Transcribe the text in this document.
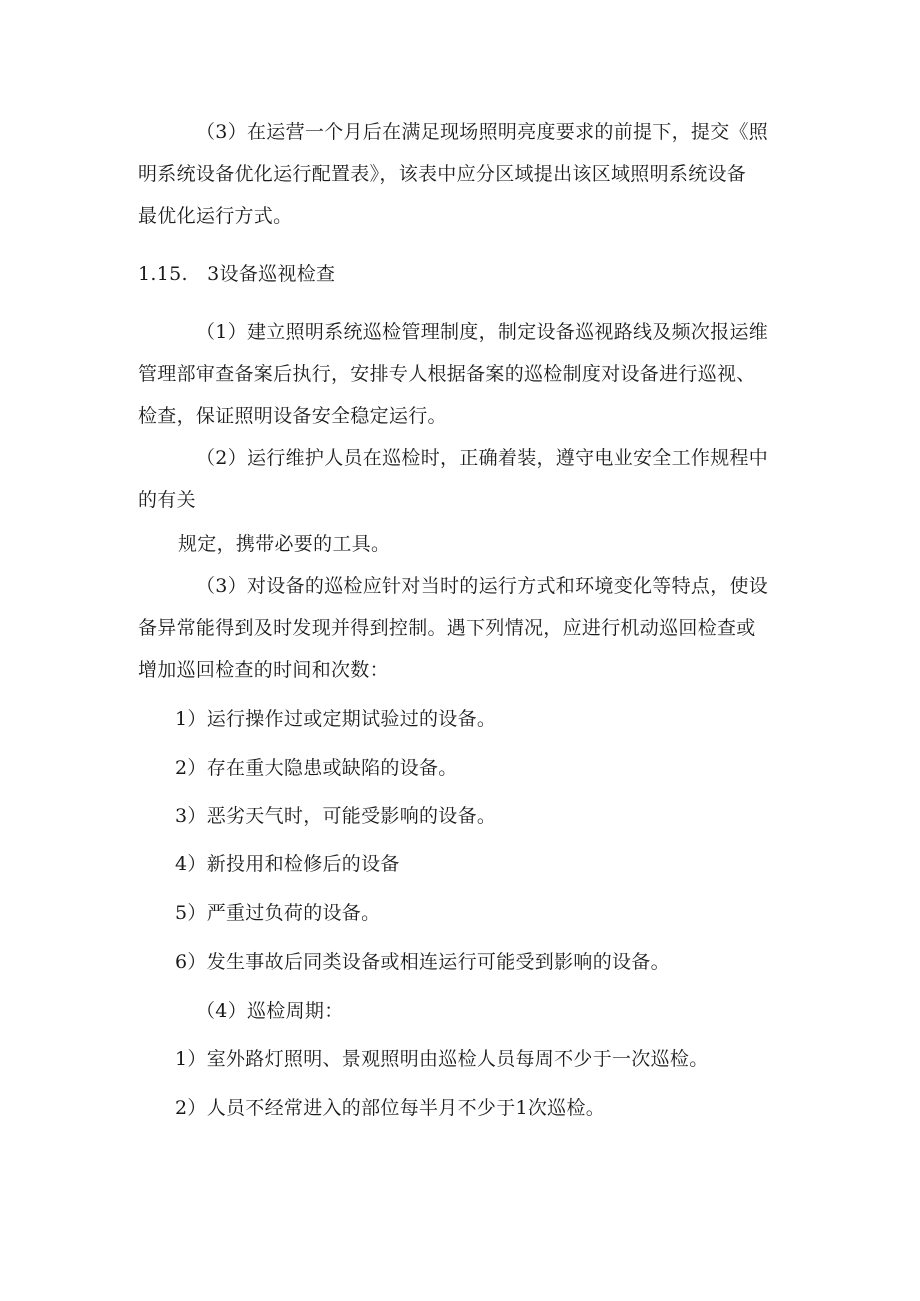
（3）在运营一个月后在满足现场照明亮度要求的前提下，提交《照
明系统设备优化运行配置表》，该表中应分区域提出该区域照明系统设备
最优化运行方式。
1.15.　3设备巡视检查
（1）建立照明系统巡检管理制度，制定设备巡视路线及频次报运维
管理部审查备案后执行，安排专人根据备案的巡检制度对设备进行巡视、
检查，保证照明设备安全稳定运行。
（2）运行维护人员在巡检时，正确着装，遵守电业安全工作规程中
的有关
规定，携带必要的工具。
（3）对设备的巡检应针对当时的运行方式和环境变化等特点，使设
备异常能得到及时发现并得到控制。遇下列情况，应进行机动巡回检查或
增加巡回检查的时间和次数：
1）运行操作过或定期试验过的设备。
2）存在重大隐患或缺陷的设备。
3）恶劣天气时，可能受影响的设备。
4）新投用和检修后的设备
5）严重过负荷的设备。
6）发生事故后同类设备或相连运行可能受到影响的设备。
（4）巡检周期：
1）室外路灯照明、景观照明由巡检人员每周不少于一次巡检。
2）人员不经常进入的部位每半月不少于1次巡检。
